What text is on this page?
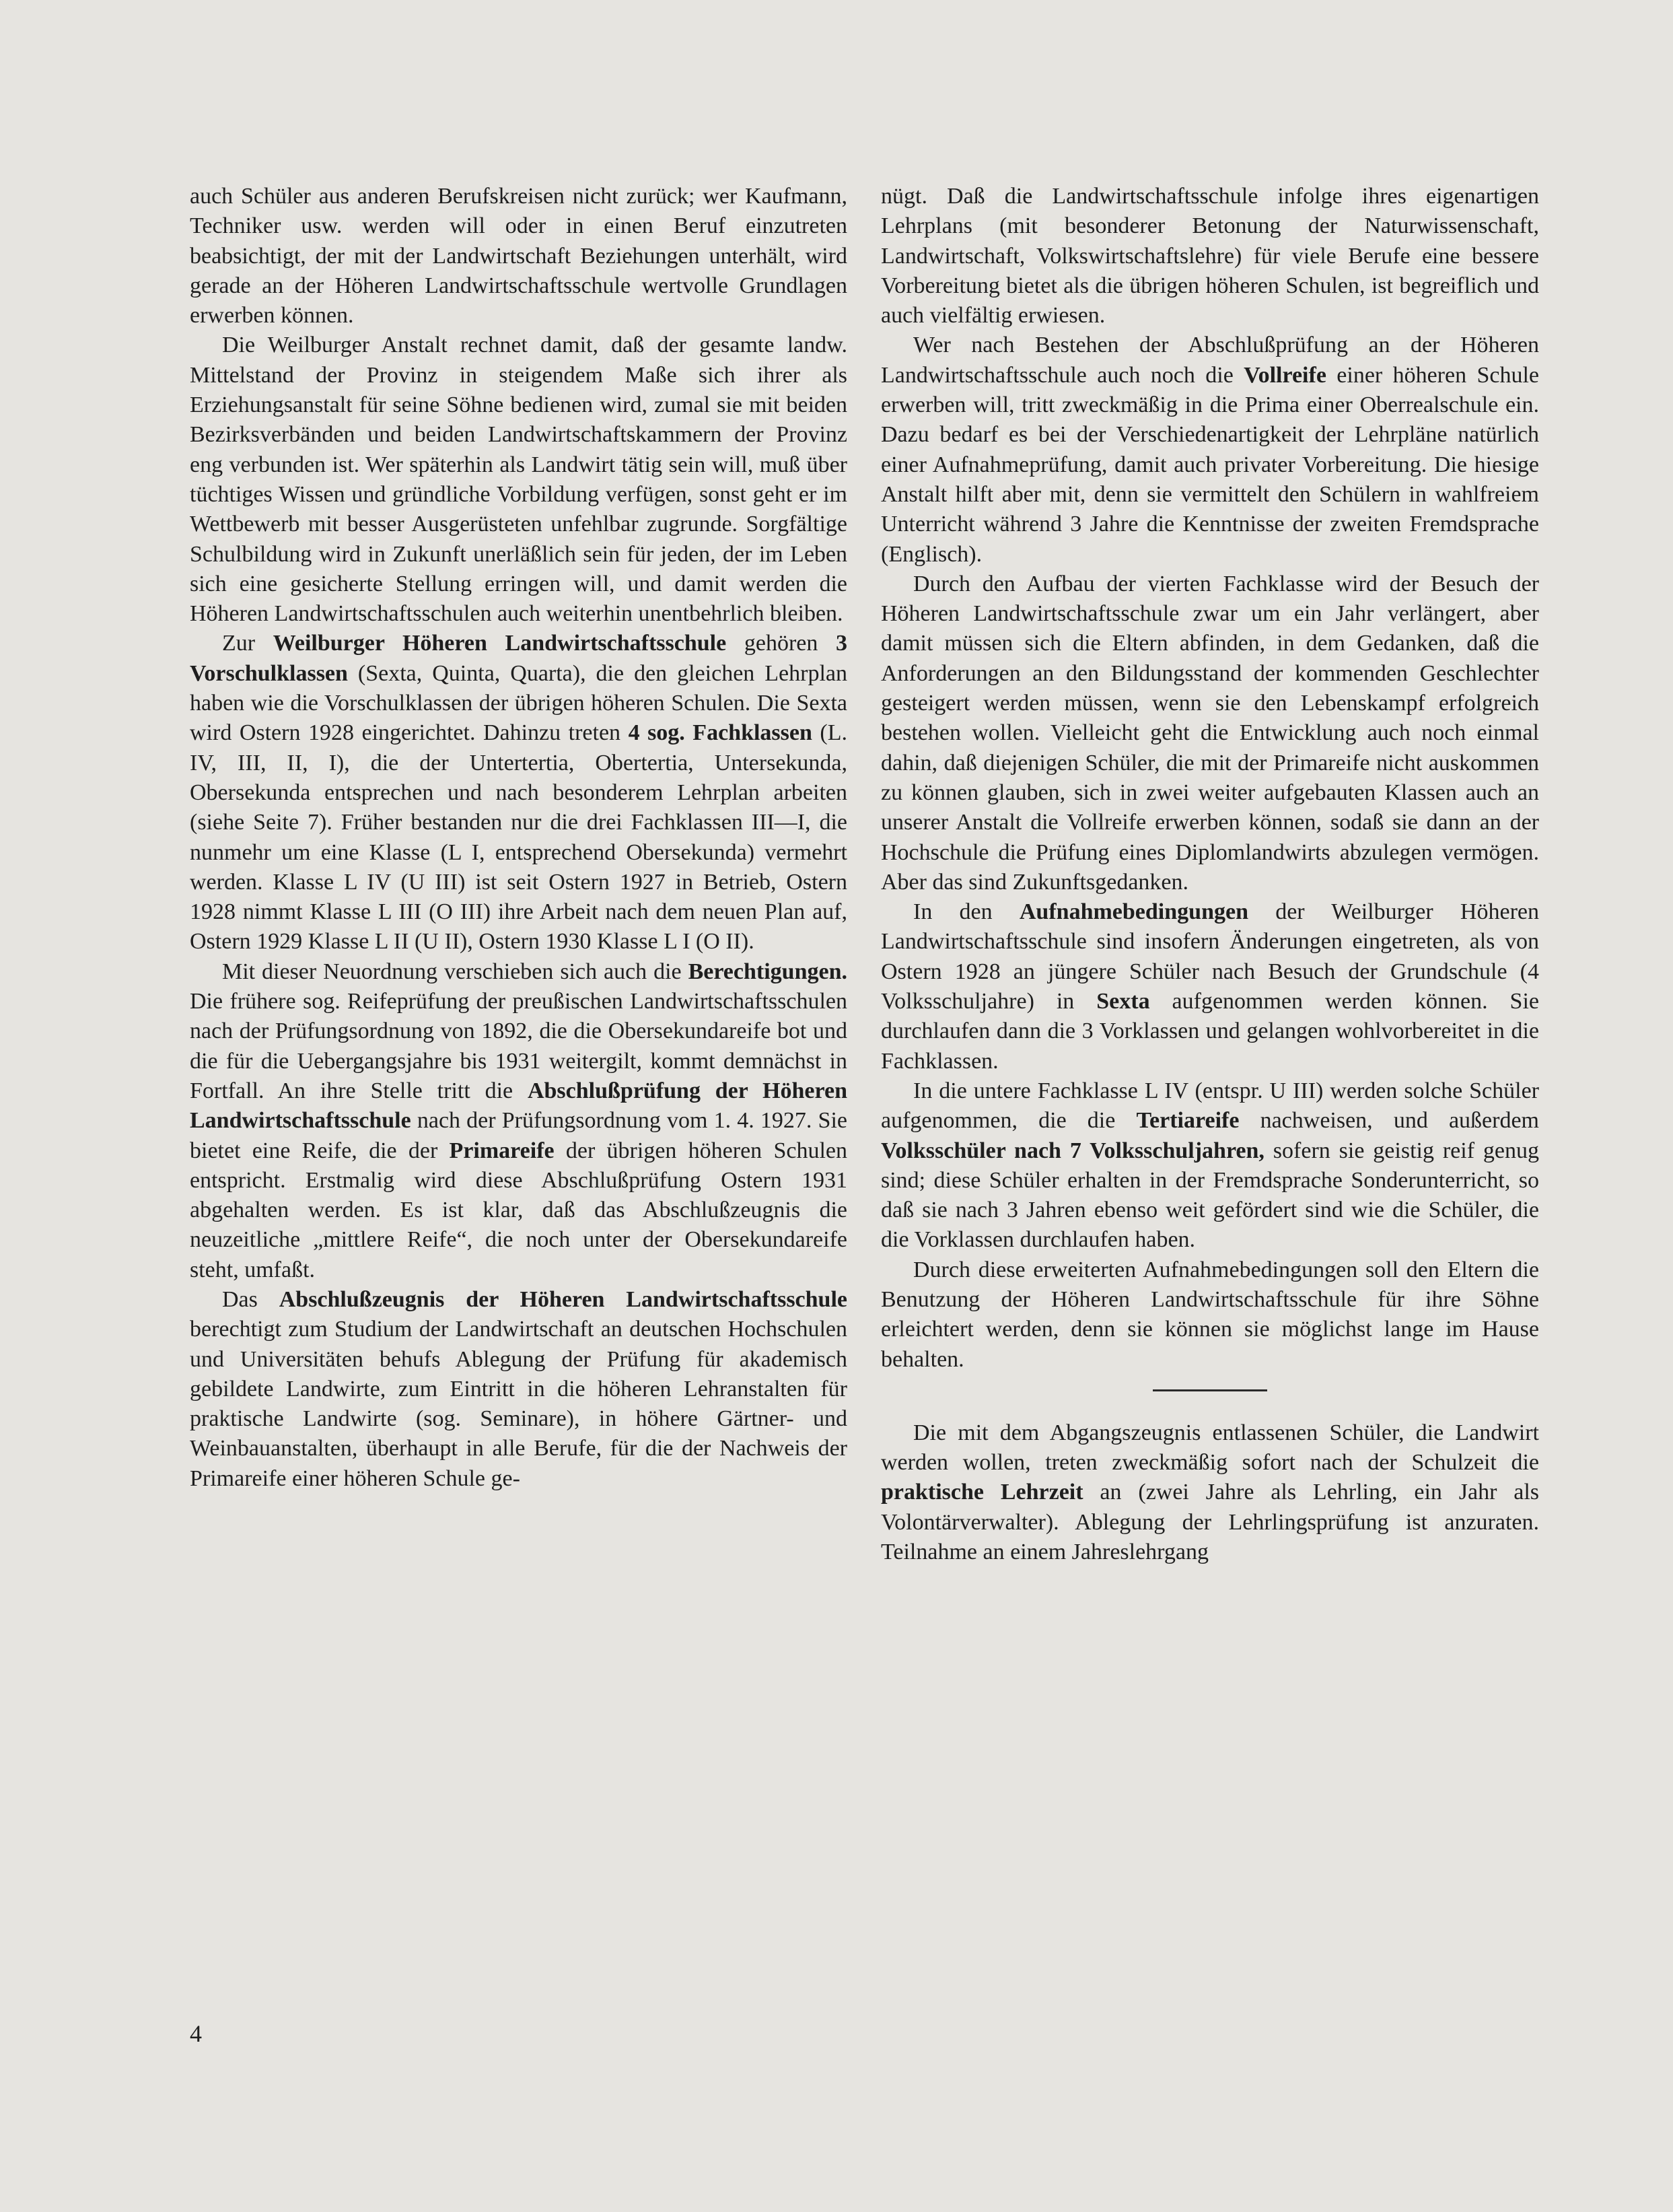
auch Schüler aus anderen Berufskreisen nicht zurück; wer Kaufmann, Techniker usw. werden will oder in einen Beruf einzutreten beabsichtigt, der mit der Landwirtschaft Beziehungen unterhält, wird gerade an der Höheren Landwirtschaftsschule wertvolle Grundlagen erwerben können.

Die Weilburger Anstalt rechnet damit, daß der gesamte landw. Mittelstand der Provinz in steigendem Maße sich ihrer als Erziehungsanstalt für seine Söhne bedienen wird, zumal sie mit beiden Bezirksverbänden und beiden Landwirtschaftskammern der Provinz eng verbunden ist. Wer späterhin als Landwirt tätig sein will, muß über tüchtiges Wissen und gründliche Vorbildung verfügen, sonst geht er im Wettbewerb mit besser Ausgerüsteten unfehlbar zugrunde. Sorgfältige Schulbildung wird in Zukunft unerläßlich sein für jeden, der im Leben sich eine gesicherte Stellung erringen will, und damit werden die Höheren Landwirtschaftsschulen auch weiterhin unentbehrlich bleiben.

Zur Weilburger Höheren Landwirtschaftsschule gehören 3 Vorschulklassen (Sexta, Quinta, Quarta), die den gleichen Lehrplan haben wie die Vorschulklassen der übrigen höheren Schulen. Die Sexta wird Ostern 1928 eingerichtet. Dahinzu treten 4 sog. Fachklassen (L. IV, III, II, I), die der Untertertia, Obertertia, Untersekunda, Obersekunda entsprechen und nach besonderem Lehrplan arbeiten (siehe Seite 7). Früher bestanden nur die drei Fachklassen III—I, die nunmehr um eine Klasse (L I, entsprechend Obersekunda) vermehrt werden. Klasse L IV (U III) ist seit Ostern 1927 in Betrieb, Ostern 1928 nimmt Klasse L III (O III) ihre Arbeit nach dem neuen Plan auf, Ostern 1929 Klasse L II (U II), Ostern 1930 Klasse L I (O II).

Mit dieser Neuordnung verschieben sich auch die Berechtigungen. Die frühere sog. Reifeprüfung der preußischen Landwirtschaftsschulen nach der Prüfungsordnung von 1892, die die Obersekundareife bot und die für die Uebergangsjahre bis 1931 weitergilt, kommt demnächst in Fortfall. An ihre Stelle tritt die Abschlußprüfung der Höheren Landwirtschaftsschule nach der Prüfungsordnung vom 1. 4. 1927. Sie bietet eine Reife, die der Primareife der übrigen höheren Schulen entspricht. Erstmalig wird diese Abschlußprüfung Ostern 1931 abgehalten werden. Es ist klar, daß das Abschlußzeugnis die neuzeitliche „mittlere Reife“, die noch unter der Obersekundareife steht, umfaßt.

Das Abschlußzeugnis der Höheren Landwirtschaftsschule berechtigt zum Studium der Landwirtschaft an deutschen Hochschulen und Universitäten behufs Ablegung der Prüfung für akademisch gebildete Landwirte, zum Eintritt in die höheren Lehranstalten für praktische Landwirte (sog. Seminare), in höhere Gärtner- und Weinbauanstalten, überhaupt in alle Berufe, für die der Nachweis der Primareife einer höheren Schule ge-

nügt. Daß die Landwirtschaftsschule infolge ihres eigenartigen Lehrplans (mit besonderer Betonung der Naturwissenschaft, Landwirtschaft, Volkswirtschaftslehre) für viele Berufe eine bessere Vorbereitung bietet als die übrigen höheren Schulen, ist begreiflich und auch vielfältig erwiesen.

Wer nach Bestehen der Abschlußprüfung an der Höheren Landwirtschaftsschule auch noch die Vollreife einer höheren Schule erwerben will, tritt zweckmäßig in die Prima einer Oberrealschule ein. Dazu bedarf es bei der Verschiedenartigkeit der Lehrpläne natürlich einer Aufnahmeprüfung, damit auch privater Vorbereitung. Die hiesige Anstalt hilft aber mit, denn sie vermittelt den Schülern in wahlfreiem Unterricht während 3 Jahre die Kenntnisse der zweiten Fremdsprache (Englisch).

Durch den Aufbau der vierten Fachklasse wird der Besuch der Höheren Landwirtschaftsschule zwar um ein Jahr verlängert, aber damit müssen sich die Eltern abfinden, in dem Gedanken, daß die Anforderungen an den Bildungsstand der kommenden Geschlechter gesteigert werden müssen, wenn sie den Lebenskampf erfolgreich bestehen wollen. Vielleicht geht die Entwicklung auch noch einmal dahin, daß diejenigen Schüler, die mit der Primareife nicht auskommen zu können glauben, sich in zwei weiter aufgebauten Klassen auch an unserer Anstalt die Vollreife erwerben können, sodaß sie dann an der Hochschule die Prüfung eines Diplomlandwirts abzulegen vermögen. Aber das sind Zukunftsgedanken.

In den Aufnahmebedingungen der Weilburger Höheren Landwirtschaftsschule sind insofern Änderungen eingetreten, als von Ostern 1928 an jüngere Schüler nach Besuch der Grundschule (4 Volksschuljahre) in Sexta aufgenommen werden können. Sie durchlaufen dann die 3 Vorklassen und gelangen wohlvorbereitet in die Fachklassen.

In die untere Fachklasse L IV (entspr. U III) werden solche Schüler aufgenommen, die die Tertiareife nachweisen, und außerdem Volksschüler nach 7 Volksschuljahren, sofern sie geistig reif genug sind; diese Schüler erhalten in der Fremdsprache Sonderunterricht, so daß sie nach 3 Jahren ebenso weit gefördert sind wie die Schüler, die die Vorklassen durchlaufen haben.

Durch diese erweiterten Aufnahmebedingungen soll den Eltern die Benutzung der Höheren Landwirtschaftsschule für ihre Söhne erleichtert werden, denn sie können sie möglichst lange im Hause behalten.

Die mit dem Abgangszeugnis entlassenen Schüler, die Landwirt werden wollen, treten zweckmäßig sofort nach der Schulzeit die praktische Lehrzeit an (zwei Jahre als Lehrling, ein Jahr als Volontärverwalter). Ablegung der Lehrlingsprüfung ist anzuraten. Teilnahme an einem Jahreslehrgang

4
